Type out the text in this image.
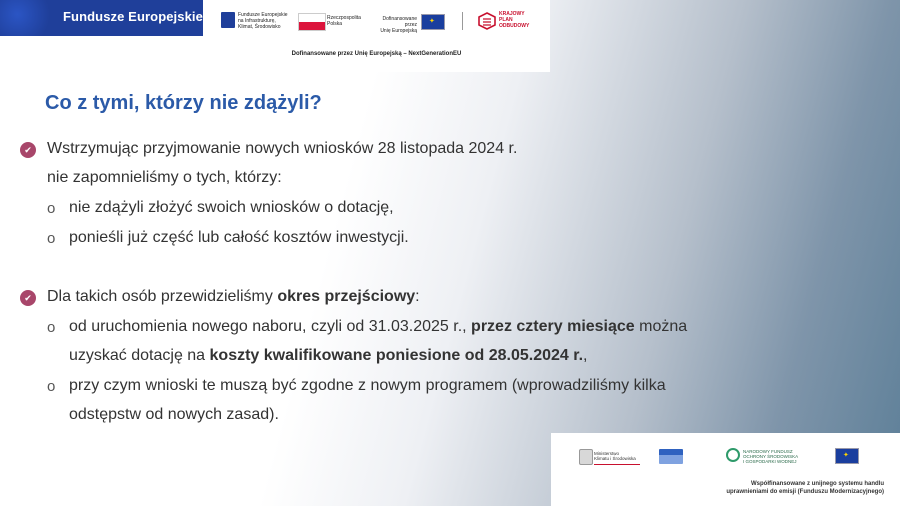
Fundusze Europejskie	Fundusze Europejskie
na Infrastrukturę,
Klimat, Środowisko
Rzeczpospolita
Polska
Dofinansowane przez
Unię Europejską
✦
KRAJOWY
PLAN
ODBUDOWY
Dofinansowane przez Unię Europejską – NextGenerationEU
Co z tymi, którzy nie zdążyli?
✔ Wstrzymując przyjmowanie nowych wniosków 28 listopada 2024 r.
nie zapomnieliśmy o tych, którzy:
o nie zdążyli złożyć swoich wniosków o dotację,
o ponieśli już część lub całość kosztów inwestycji.
✔ Dla takich osób przewidzieliśmy okres przejściowy:
o od uruchomienia nowego naboru, czyli od 31.03.2025 r., przez cztery miesiące można
uzyskać dotację na koszty kwalifikowane poniesione od 28.05.2024 r.,
o przy czym wnioski te muszą być zgodne z nowym programem (wprowadziliśmy kilka
odstępstw od nowych zasad).
Ministerstwo
Klimatu i Środowiska
NARODOWY FUNDUSZ
OCHRONY ŚRODOWISKA
I GOSPODARKI WODNEJ
✦
Współfinansowane z unijnego systemu handlu
uprawnieniami do emisji (Funduszu Modernizacyjnego)
